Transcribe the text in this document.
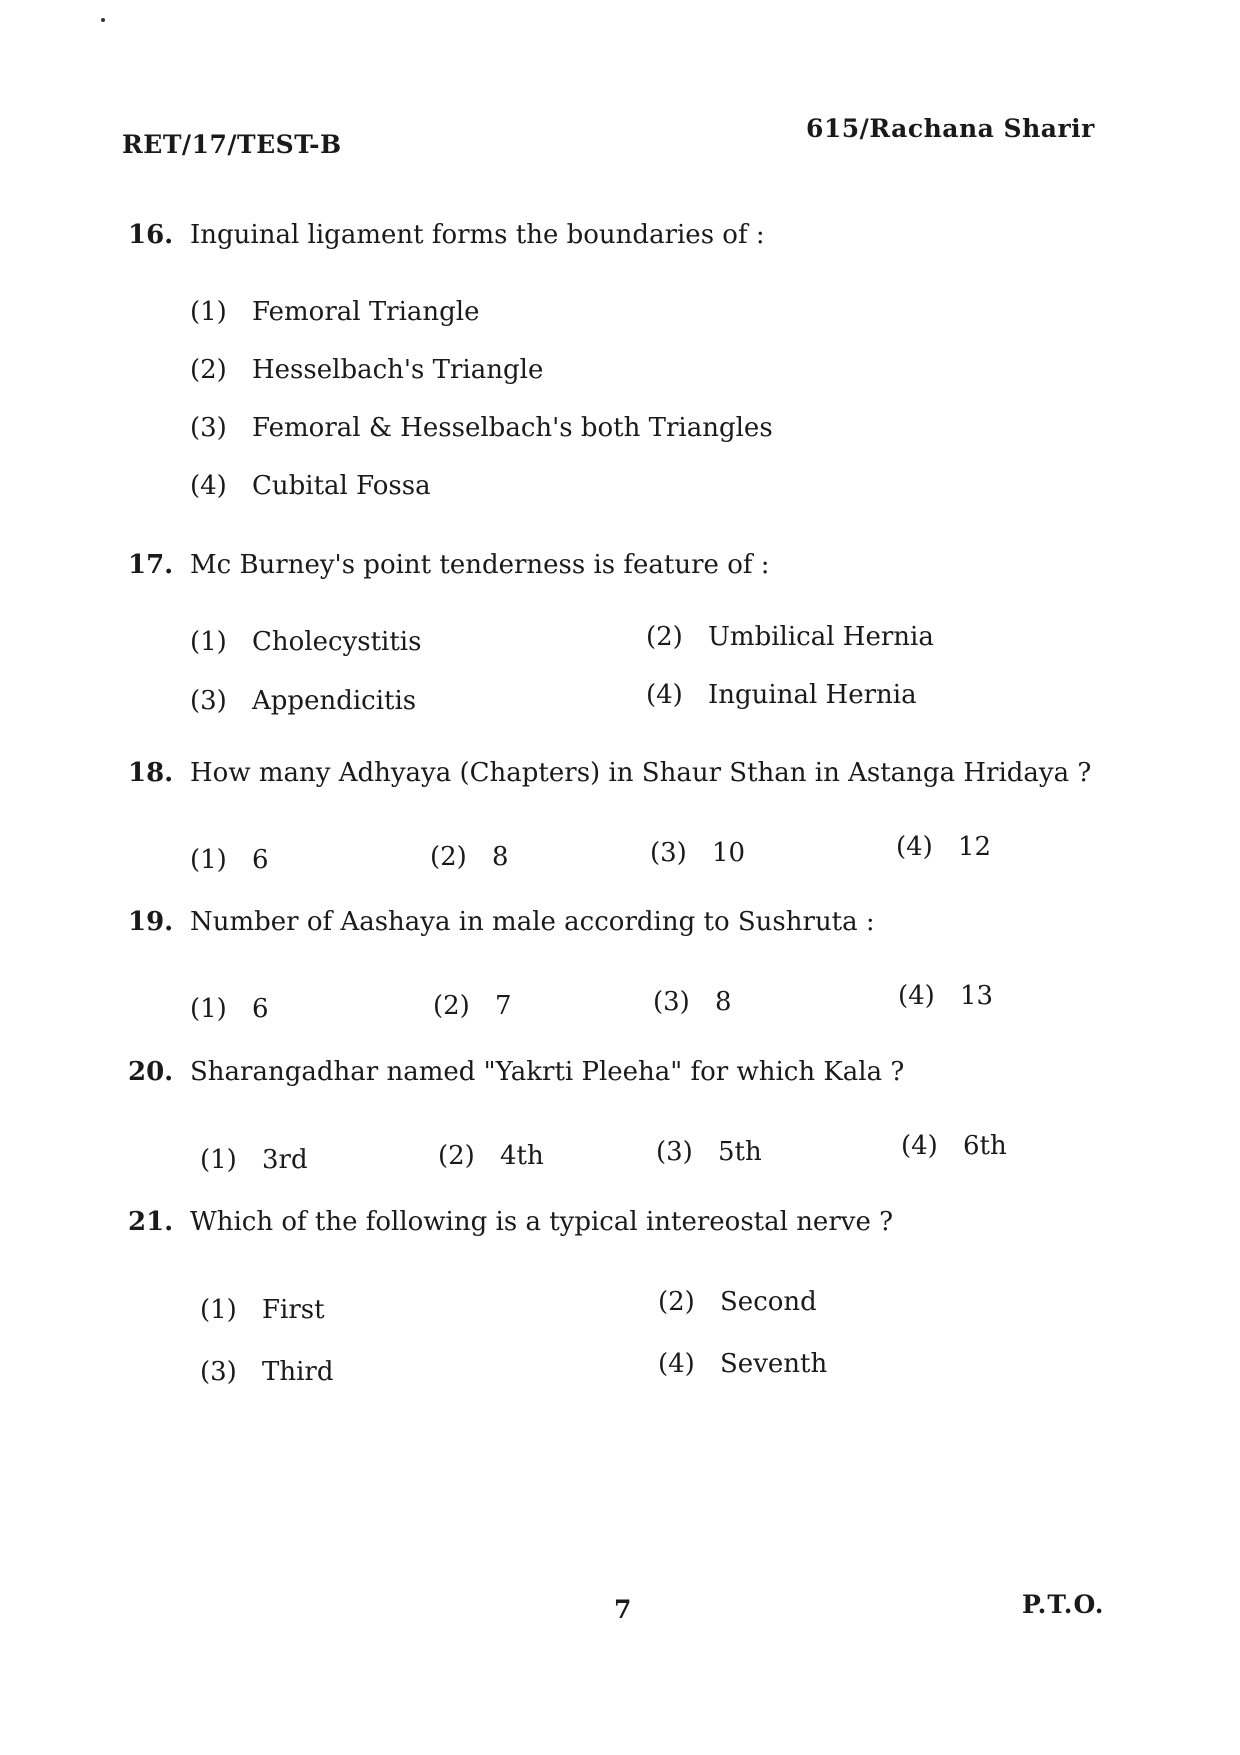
RET/17/TEST-B
615/Rachana Sharir
16. Inguinal ligament forms the boundaries of :
(1) Femoral Triangle
(2) Hesselbach's Triangle
(3) Femoral & Hesselbach's both Triangles
(4) Cubital Fossa
17. Mc Burney's point tenderness is feature of :
(1) Cholecystitis	(2) Umbilical Hernia
(3) Appendicitis	(4) Inguinal Hernia
18. How many Adhyaya (Chapters) in Shaur Sthan in Astanga Hridaya ?
(1) 6	(2) 8	(3) 10	(4) 12
19. Number of Aashaya in male according to Sushruta :
(1) 6	(2) 7	(3) 8	(4) 13
20. Sharangadhar named "Yakrti Pleeha" for which Kala ?
(1) 3rd	(2) 4th	(3) 5th	(4) 6th
21. Which of the following is a typical intereostal nerve ?
(1) First	(2) Second
(3) Third	(4) Seventh
7	P.T.O.
